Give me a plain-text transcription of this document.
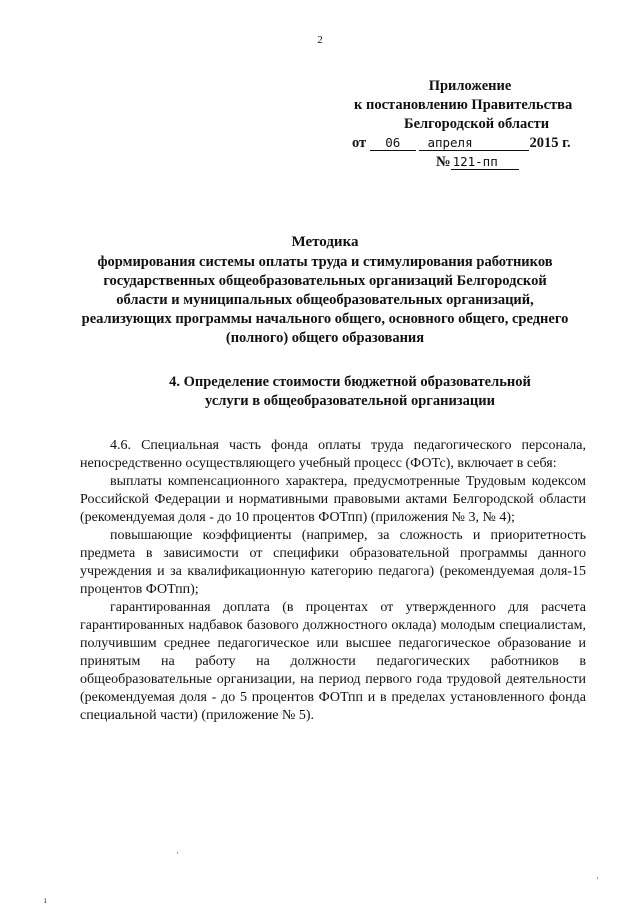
2
Приложение
к постановлению Правительства
Белгородской области
от 06 апреля	2015 г.
№ 121-пп
Методика
формирования системы оплаты труда и стимулирования работников
государственных общеобразовательных организаций Белгородской
области и муниципальных общеобразовательных организаций,
реализующих программы начального общего, основного общего, среднего
(полного) общего образования
4. Определение стоимости бюджетной образовательной
услуги в общеобразовательной организации

4.6. Специальная часть фонда оплаты труда педагогического персонала, непосредственно осуществляющего учебный процесс (ФОТс), включает в себя:

выплаты компенсационного характера, предусмотренные Трудовым кодексом Российской Федерации и нормативными правовыми актами Белгородской области (рекомендуемая доля - до 10 процентов ФОТпп) (приложения № 3, № 4);

повышающие коэффициенты (например, за сложность и приоритетность предмета в зависимости от специфики образовательной программы данного учреждения и за квалификационную категорию педагога) (рекомендуемая доля-15 процентов ФОТпп);

гарантированная доплата (в процентах от утвержденного для расчета гарантированных надбавок базового должностного оклада) молодым специалистам, получившим среднее педагогическое или высшее педагогическое образование и принятым на работу на должности педагогических работников в общеобразовательные организации, на период первого года трудовой деятельности (рекомендуемая доля - до 5 процентов ФОТпп и в пределах установленного фонда специальной части) (приложение № 5).

·
·
ı
